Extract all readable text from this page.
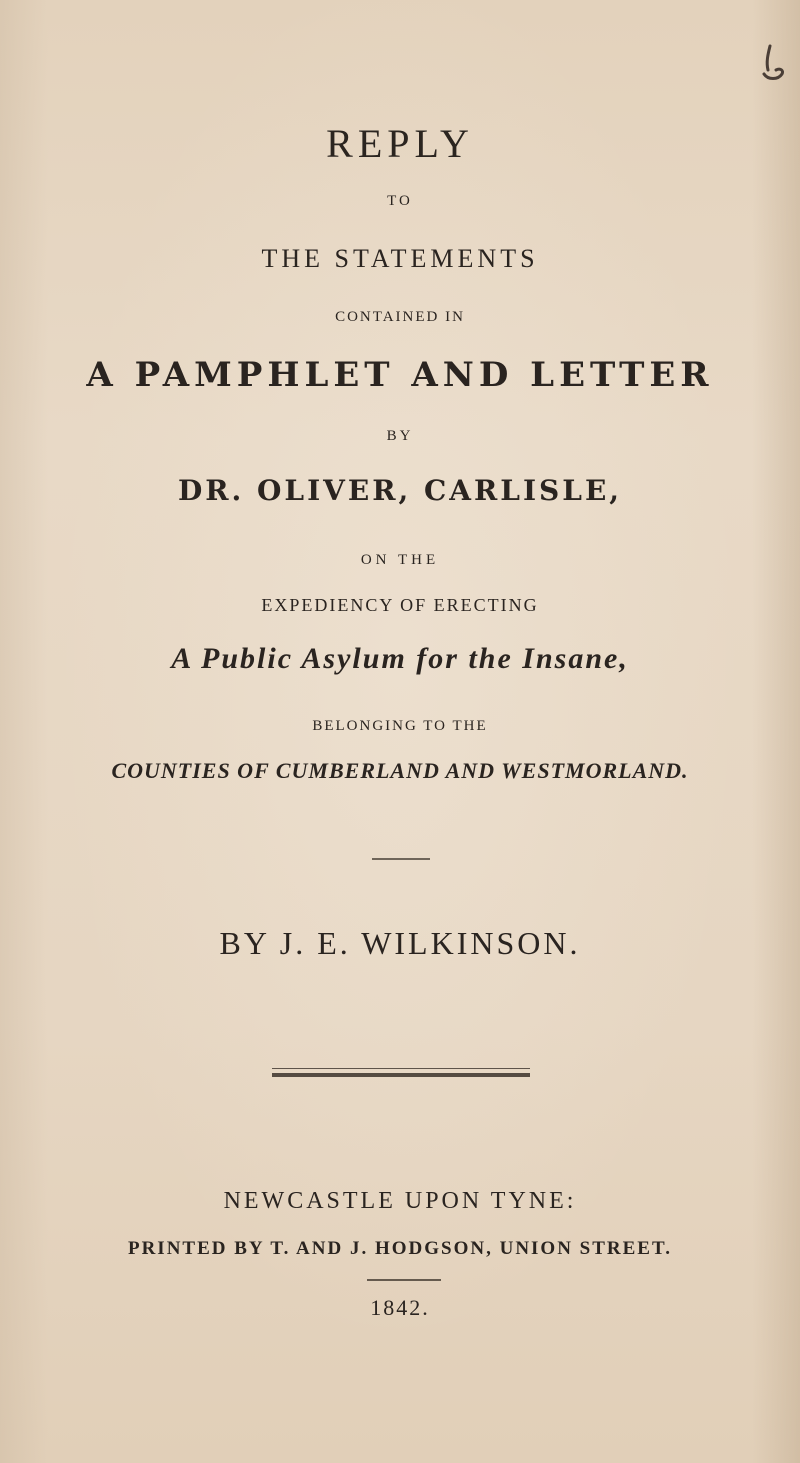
REPLY
TO
THE STATEMENTS
CONTAINED IN
A PAMPHLET AND LETTER
BY
DR. OLIVER, CARLISLE,
ON THE
EXPEDIENCY OF ERECTING
A Public Asylum for the Insane,
BELONGING TO THE
COUNTIES OF CUMBERLAND AND WESTMORLAND.
BY J. E. WILKINSON.
NEWCASTLE UPON TYNE:
PRINTED BY T. AND J. HODGSON, UNION STREET.
1842.
